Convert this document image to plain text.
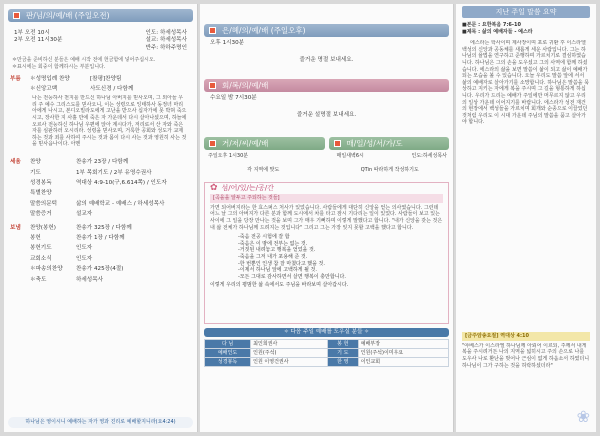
판/님/의/예/배 (주일오전)
1부 오전 10시	인도: 하세성목사
2부 오전 11시30분	설교: 하세성목사
반주: 하하주명인
＊만금을 준비하신 분들은 예배 시작 전에 헌금함에 넣어주십시오.
＊표시에는 회중이 함께하시는 부분입니다.
부름	＊성명입례 찬양	[참평]찬양팀
＊신앙고백	사도신경 / 다함께
나는 전능하사 천지를 만드신 하나님 아버지를 믿사오며, 그 외아들 우리 주 예수 그리스도를 믿사오니, 이는 성령으로 잉태하사 동정녀 마리아에게 나시고, 본디오빌라도에게 고난을 받으사 십자가에 못 박혀 죽으시고, 장사한 지 사흘 만에 죽은 자 가운데서 다시 살아나셨으며, 하늘에 오르사 전능하신 하나님 우편에 앉아 계시다가, 저리로서 산 자와 죽은 자를 심판하러 오시리라. 성령을 믿사오며, 거룩한 공회와 성도가 교제하는 것과 죄를 사하여 주시는 것과 몸이 다시 사는 것과 영원히 사는 것을 믿사옵나이다. 아멘
세움	찬양	찬송가 23장 / 다함께
기도	1부 목회기도 / 2부 유영수권사
성경봉독	역대상 4:9-10(구,6.614쪽) / 인도자
특별찬양
말씀의문턱	삶의 예배학교 - 예배스 / 하세성목사
말씀증거	설교자
보냄	찬양(봉헌)	찬송가 325장 / 다함께
봉헌	찬송가 1장 / 다함께
봉헌기도	인도자
교회소식	인도자
＊파송의찬양	찬송가 425장(4절)
＊축도	하세성목사
하나님은 영이시니 예배하는 자가 영과 진리로 예배할지니라(요4:24)
은/혜/의/예/배 (주일오후)
오후 1시30분
즐거운 명절 보내세요.
회/복/의/예/배
수요일 밤 7시30분
즐거운 설명절 보내세요.
거/저/씨/예/배
주일오후 1시30분
각 지역에 맞도
매/일/성/서/가/도
매일새벽6시	인도:하세성목사
QTin 따라하게 작성하기도
✿ 섬/어/있/는/공/간
[곡을을 알두고 주되하는 것들]
가면 되어버지라는 한 효스퍼스 처사가 있었습니다. 사람들에게 대단히 신앙을 얻는 의사였습니다. 그런데 어느 날 그의 아버지가 다른 분과 함께 도시에서 차를 타고 잠시 기다리는 일이 있었다. 사람들이 보고 있는 사이에 그 일을 당장 만나는 것을 보며 그가 매우 기뻐하며 이렇게 말했다고 합니다. "내가 신앙을 갖는 것은 내 삶 전체가 하나님께 드려지는 것입니다" 그리고 그는 가장 잊지 못할 고백을 했다고 합니다.
-죽음 전공 시험에 잘 합
-죽음은 이 땅에 전부는 없는 것.
-거짓된 내려놓고 행복을 얻었을 것.
-죽음을 그저 내가 포용해 준 것.
-한 번뿐인 인생 참 잘 마쳤다고 했을 것.
-이제서 하나님 앞에 고백하게 될 것.
-모든 그대로 감사하면서 살면 행복이 충만합니다.
이렇게 우리의 평범한 삶 속에서도 주님을 바라보며 살아갑시다.
✧ 다음 주일 예배를 도우실 분들 ✧
다 님	최인희권사	봉 헌	예배부장
예배인도	인원(주석)	기 도	인원(주석)이미우요
성경봉독	인원 이영건권사	한 영	이인교회
지난 주일 말씀 요약
■본문 : 요한복음 7:6-10
■제목 : 삶의 예배자들 - 예스라
에스라는 학사이며 제사장이며 포로 귀환 후 이스라엘 백성의 신앙과 공동체를 새롭게 세운 사람입니다. 그는 하나님의 율법을 연구하고 준행하며 가르치기로 결심하였습니다. 하나님은 그의 손을 도우셨고 그의 사역에 함께 하셨습니다. 에스라의 삶을 보면 말씀이 삶이 되고 삶이 예배가 되는 모습을 볼 수 있습니다. 오늘 우리도 말씀 앞에 서서 삶의 예배자로 살아가기를 소망합니다. 하나님은 말씀을 묵상하고 지키는 자에게 복을 주시며 그 길을 형통하게 하십니다. 우리가 드리는 예배가 주일에만 머무르지 않고 우리의 일상 가운데 이어지기를 바랍니다. 에스라가 성전 재건의 현장에서 백성들을 가르치며 회개와 순종으로 이끌었던 것처럼 우리도 이 시대 가운데 주님의 말씀을 품고 살아가야 합니다.
[금주암송요절] 역대상 4:10
"야베스가 이스라엘 하나님께 아뢰어 이르되, 주께서 내게 복을 주시려거든 나의 지역을 넓히시고 주의 손으로 나를 도우사 나로 환난을 벗어나 근심이 없게 하옵소서 하였더니 하나님이 그가 구하는 것을 허락하셨더라"
❀
